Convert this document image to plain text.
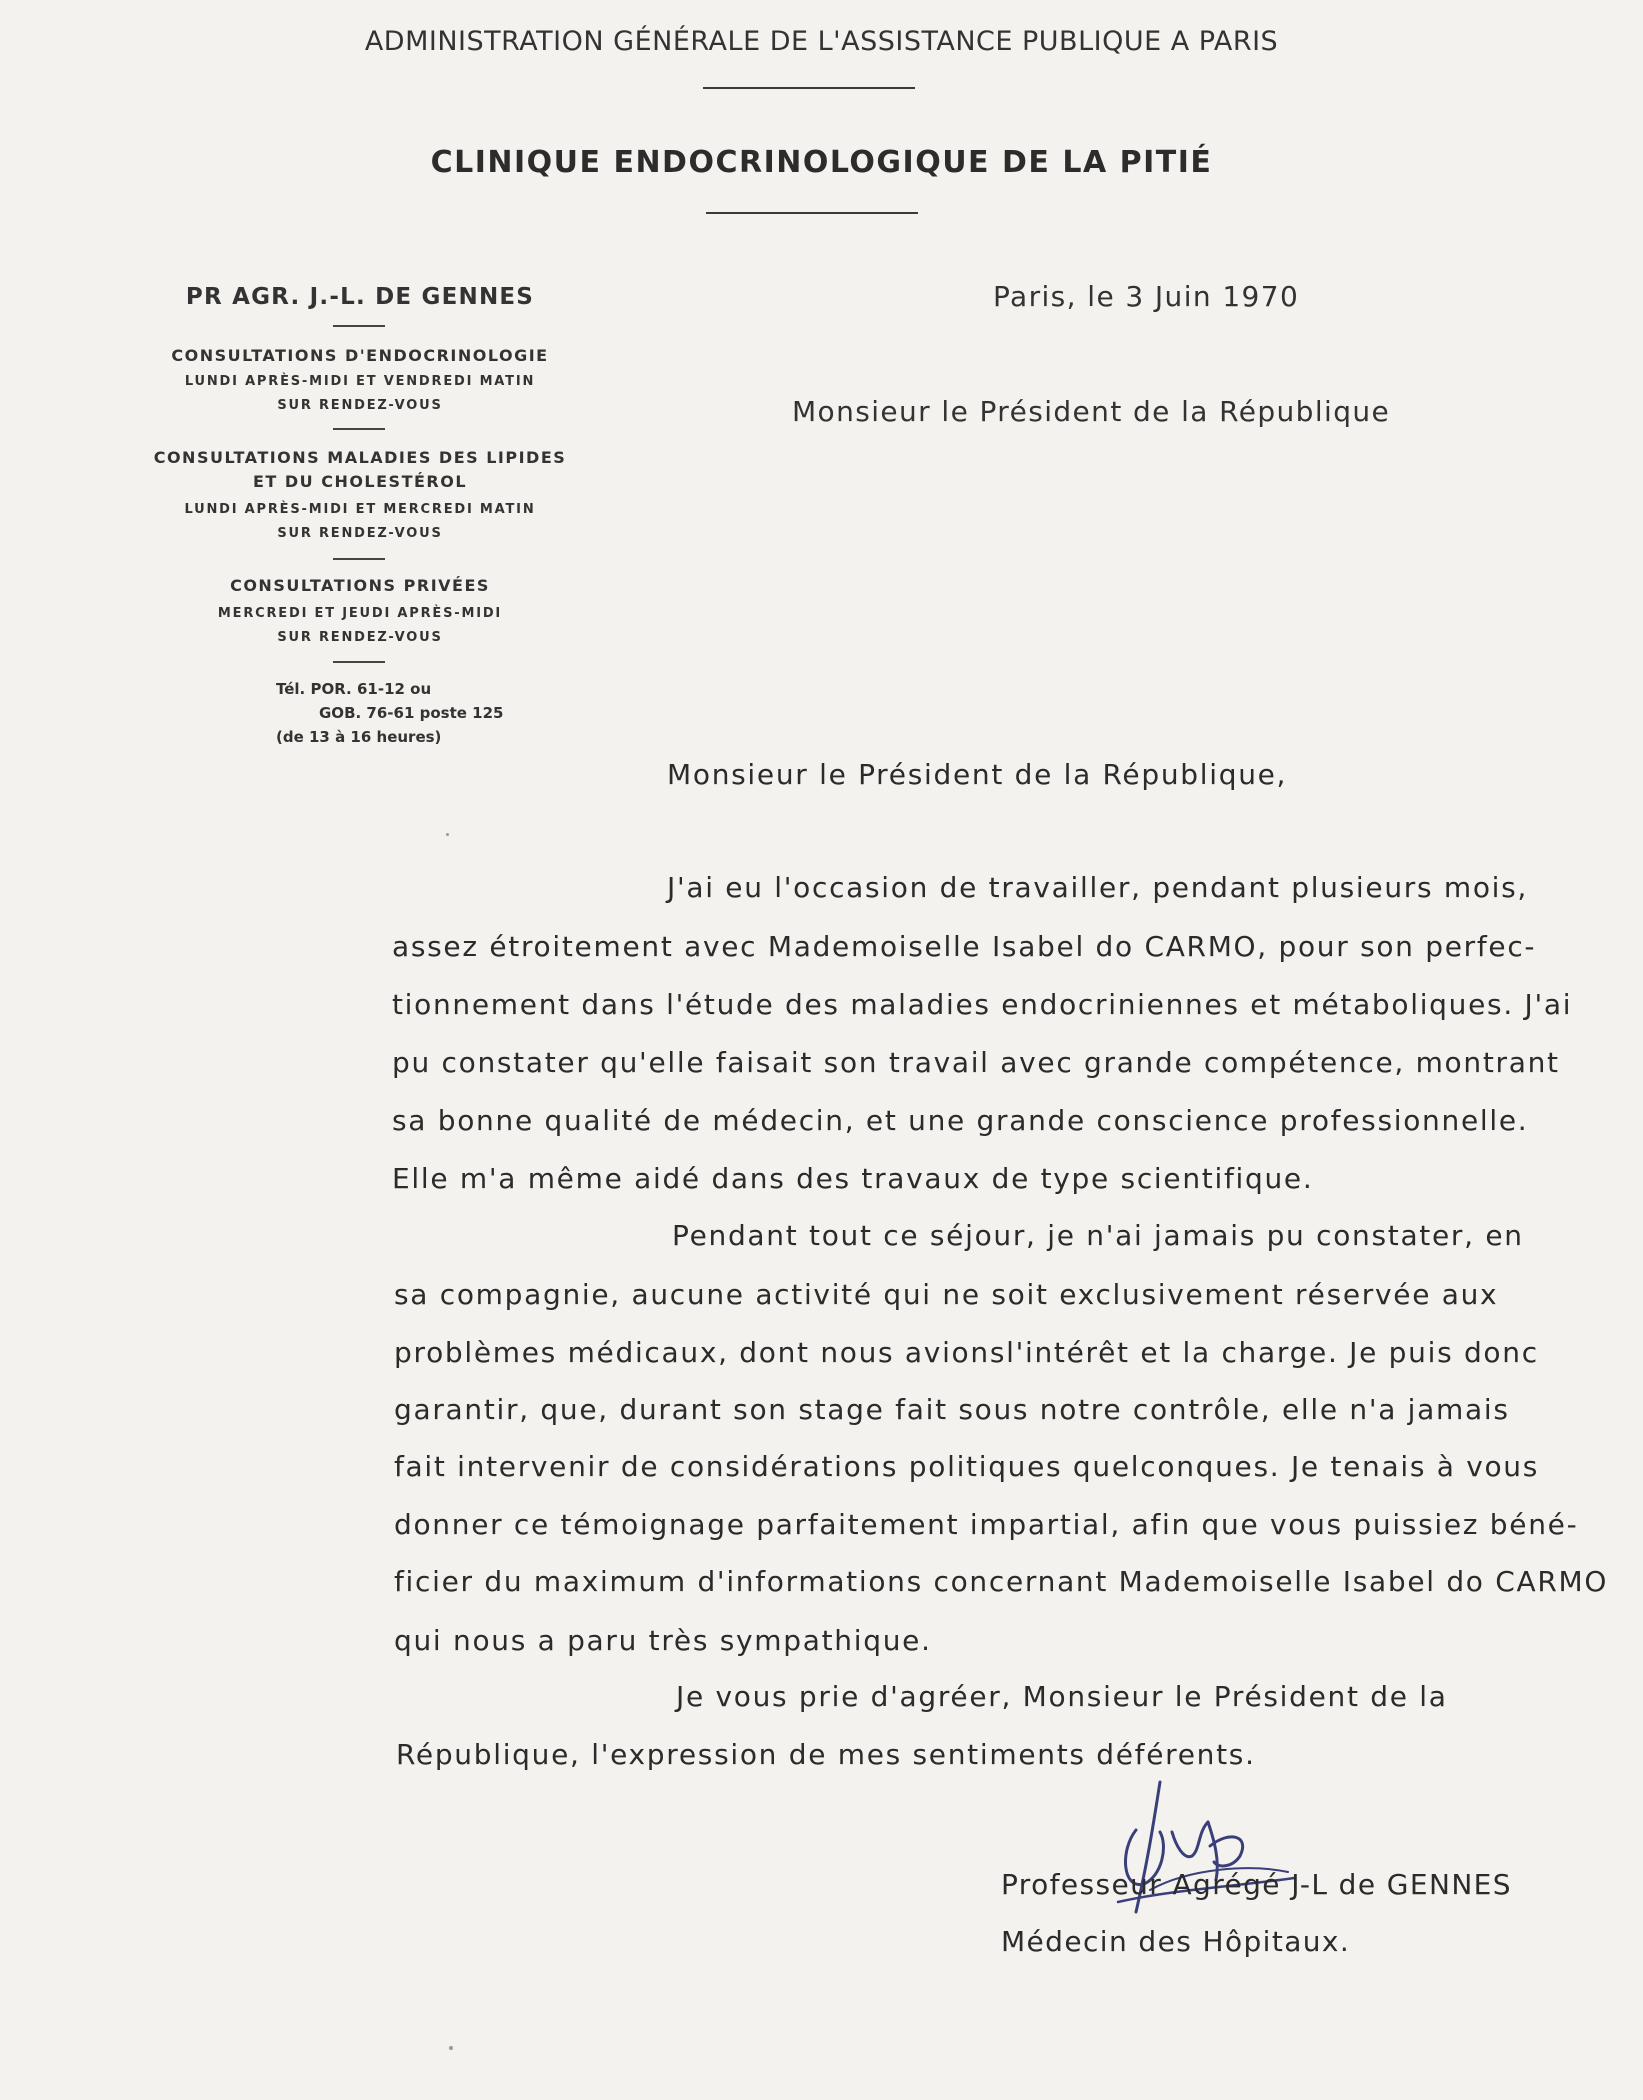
ADMINISTRATION GÉNÉRALE DE L'ASSISTANCE PUBLIQUE A PARIS
CLINIQUE ENDOCRINOLOGIQUE DE LA PITIÉ
PR AGR. J.-L. DE GENNES
CONSULTATIONS D'ENDOCRINOLOGIE
LUNDI APRÈS-MIDI ET VENDREDI MATIN
SUR RENDEZ-VOUS
CONSULTATIONS MALADIES DES LIPIDES
ET DU CHOLESTÉROL
LUNDI APRÈS-MIDI ET MERCREDI MATIN
SUR RENDEZ-VOUS
CONSULTATIONS PRIVÉES
MERCREDI ET JEUDI APRÈS-MIDI
SUR RENDEZ-VOUS
Tél. POR. 61-12 ou
GOB. 76-61 poste 125
(de 13 à 16 heures)
Paris, le 3 Juin 1970
Monsieur le Président de la République
Monsieur le Président de la République,
J'ai eu l'occasion de travailler, pendant plusieurs mois,
assez étroitement avec Mademoiselle Isabel do CARMO, pour son perfec-
tionnement dans l'étude des maladies endocriniennes et métaboliques. J'ai
pu constater qu'elle faisait son travail avec grande compétence, montrant
sa bonne qualité de médecin, et une grande conscience professionnelle.
Elle m'a même aidé dans des travaux de type scientifique.
Pendant tout ce séjour, je n'ai jamais pu constater, en
sa compagnie, aucune activité qui ne soit exclusivement réservée aux
problèmes médicaux, dont nous avionsl'intérêt et la charge. Je puis donc
garantir, que, durant son stage fait sous notre contrôle, elle n'a jamais
fait intervenir de considérations politiques quelconques. Je tenais à vous
donner ce témoignage parfaitement impartial, afin que vous puissiez béné-
ficier du maximum d'informations concernant Mademoiselle Isabel do CARMO
qui nous a paru très sympathique.
Je vous prie d'agréer, Monsieur le Président de la
République, l'expression de mes sentiments déférents.
Professeur Agrégé J-L de GENNES
Médecin des Hôpitaux.
